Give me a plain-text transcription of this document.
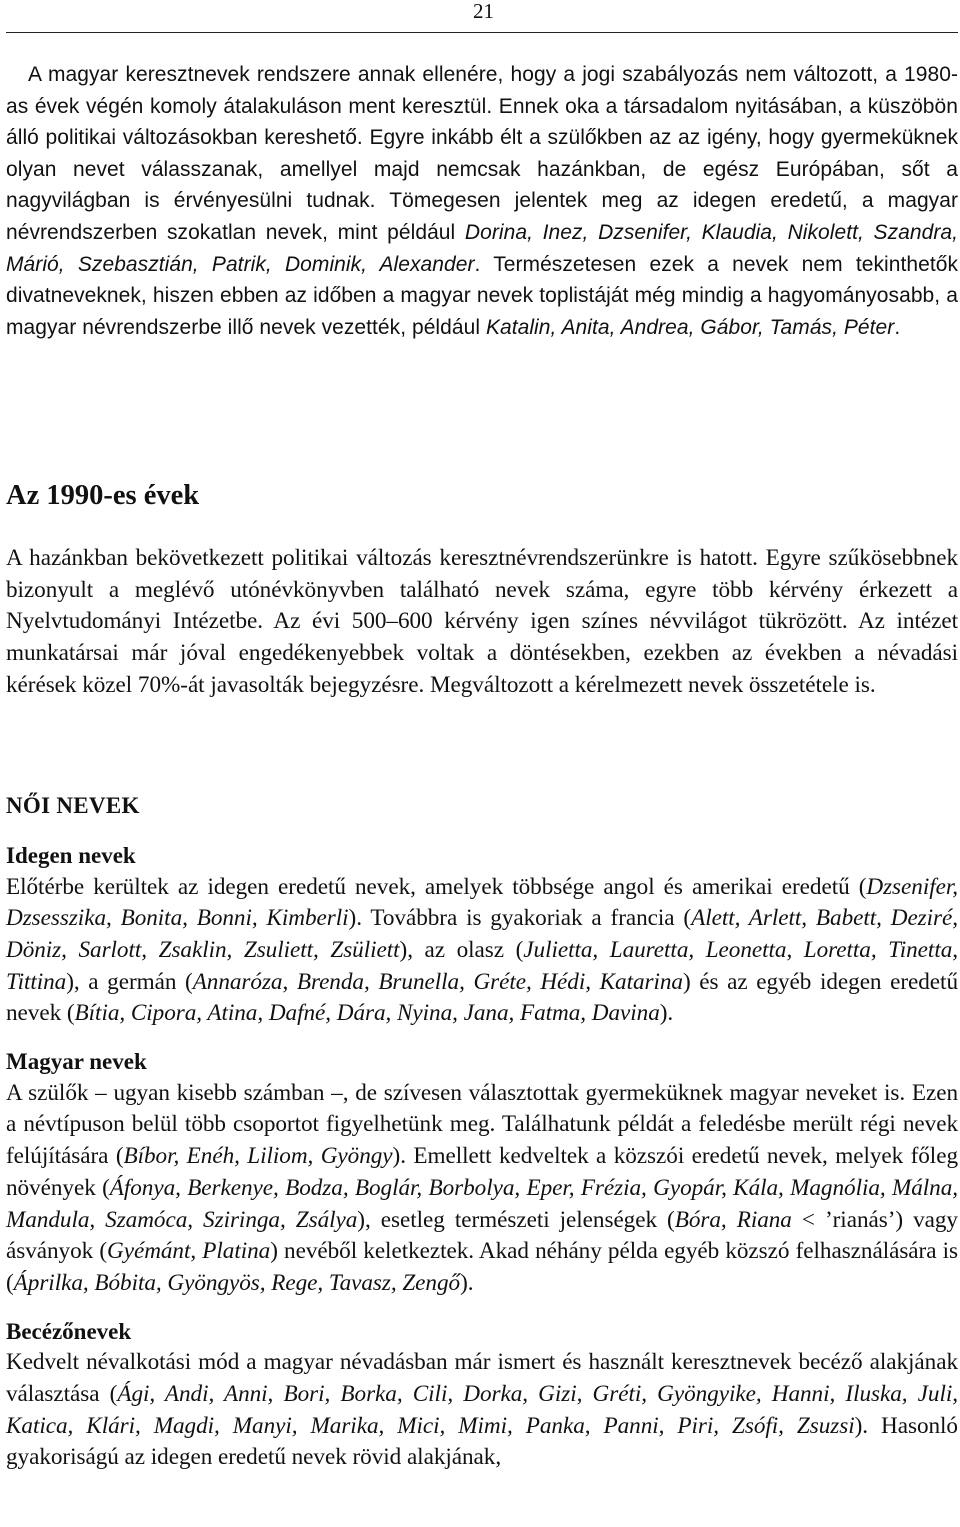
21

A magyar keresztnevek rendszere annak ellenére, hogy a jogi szabályozás nem változott, a 1980-as évek végén komoly átalakuláson ment keresztül. Ennek oka a társadalom nyitásában, a küszöbön álló politikai változásokban kereshető. Egyre inkább élt a szülőkben az az igény, hogy gyermeküknek olyan nevet válasszanak, amellyel majd nemcsak hazánkban, de egész Európában, sőt a nagyvilágban is érvényesülni tudnak. Tömegesen jelentek meg az idegen eredetű, a magyar névrendszerben szokatlan nevek, mint például Dorina, Inez, Dzsenifer, Klaudia, Nikolett, Szandra, Márió, Szebasztián, Patrik, Dominik, Alexander. Természetesen ezek a nevek nem tekinthetők divatneveknek, hiszen ebben az időben a magyar nevek toplistáját még mindig a hagyományosabb, a magyar névrendszerbe illő nevek vezették, például Katalin, Anita, Andrea, Gábor, Tamás, Péter.

Az 1990-es évek

A hazánkban bekövetkezett politikai változás keresztnévrendszerünkre is hatott. Egyre szűkösebbnek bizonyult a meglévő utónévkönyvben található nevek száma, egyre több kérvény érkezett a Nyelvtudományi Intézetbe. Az évi 500–600 kérvény igen színes névvilágot tükrözött. Az intézet munkatársai már jóval engedékenyebbek voltak a döntésekben, ezekben az években a névadási kérések közel 70%-át javasolták bejegyzésre. Megváltozott a kérelmezett nevek összetétele is.

NŐI NEVEK
Idegen nevek

Előtérbe kerültek az idegen eredetű nevek, amelyek többsége angol és amerikai eredetű (Dzsenifer, Dzsesszika, Bonita, Bonni, Kimberli). Továbbra is gyakoriak a francia (Alett, Arlett, Babett, Deziré, Döniz, Sarlott, Zsaklin, Zsuliett, Zsüliett), az olasz (Julietta, Lauretta, Leonetta, Loretta, Tinetta, Tittina), a germán (Annaróza, Brenda, Brunella, Gréte, Hédi, Katarina) és az egyéb idegen eredetű nevek (Bítia, Cipora, Atina, Dafné, Dára, Nyina, Jana, Fatma, Davina).

Magyar nevek

A szülők – ugyan kisebb számban –, de szívesen választottak gyermeküknek magyar neveket is. Ezen a névtípuson belül több csoportot figyelhetünk meg. Találhatunk példát a feledésbe merült régi nevek felújítására (Bíbor, Enéh, Liliom, Gyöngy). Emellett kedveltek a közszói eredetű nevek, melyek főleg növények (Áfonya, Berkenye, Bodza, Boglár, Borbolya, Eper, Frézia, Gyopár, Kála, Magnólia, Málna, Mandula, Szamóca, Sziringa, Zsálya), esetleg természeti jelenségek (Bóra, Riana < ’rianás’) vagy ásványok (Gyémánt, Platina) nevéből keletkeztek. Akad néhány példa egyéb közszó felhasználására is (Áprilka, Bóbita, Gyöngyös, Rege, Tavasz, Zengő).

Becézőnevek

Kedvelt névalkotási mód a magyar névadásban már ismert és használt keresztnevek becéző alakjának választása (Ági, Andi, Anni, Bori, Borka, Cili, Dorka, Gizi, Gréti, Gyöngyike, Hanni, Iluska, Juli, Katica, Klári, Magdi, Manyi, Marika, Mici, Mimi, Panka, Panni, Piri, Zsófi, Zsuzsi). Hasonló gyakoriságú az idegen eredetű nevek rövid alakjának,
